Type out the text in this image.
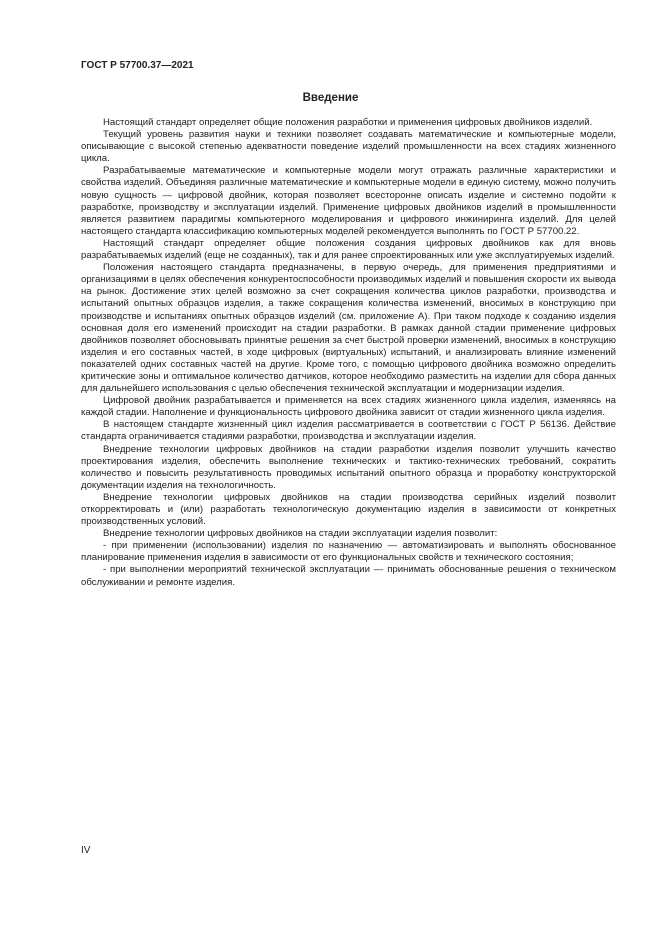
ГОСТ Р 57700.37—2021
Введение

Настоящий стандарт определяет общие положения разработки и применения цифровых двойников изделий.

Текущий уровень развития науки и техники позволяет создавать математические и компьютерные модели, описывающие с высокой степенью адекватности поведение изделий промышленности на всех стадиях жизненного цикла.

Разрабатываемые математические и компьютерные модели могут отражать различные характеристики и свойства изделий. Объединяя различные математические и компьютерные модели в единую систему, можно получить новую сущность — цифровой двойник, которая позволяет всесторонне описать изделие и системно подойти к разработке, производству и эксплуатации изделий. Применение цифровых двойников изделий в промышленности является развитием парадигмы компьютерного моделирования и цифрового инжиниринга изделий. Для целей настоящего стандарта классификацию компьютерных моделей рекомендуется выполнять по ГОСТ Р 57700.22.

Настоящий стандарт определяет общие положения создания цифровых двойников как для вновь разрабатываемых изделий (еще не созданных), так и для ранее спроектированных или уже эксплуатируемых изделий.

Положения настоящего стандарта предназначены, в первую очередь, для применения предприятиями и организациями в целях обеспечения конкурентоспособности производимых изделий и повышения скорости их вывода на рынок. Достижение этих целей возможно за счет сокращения количества циклов разработки, производства и испытаний опытных образцов изделия, а также сокращения количества изменений, вносимых в конструкцию при производстве и испытаниях опытных образцов изделий (см. приложение А). При таком подходе к созданию изделия основная доля его изменений происходит на стадии разработки. В рамках данной стадии применение цифровых двойников позволяет обосновывать принятые решения за счет быстрой проверки изменений, вносимых в конструкцию изделия и его составных частей, в ходе цифровых (виртуальных) испытаний, и анализировать влияние изменений показателей одних составных частей на другие. Кроме того, с помощью цифрового двойника возможно определить критические зоны и оптимальное количество датчиков, которое необходимо разместить на изделии для сбора данных для дальнейшего использования с целью обеспечения технической эксплуатации и модернизации изделия.

Цифровой двойник разрабатывается и применяется на всех стадиях жизненного цикла изделия, изменяясь на каждой стадии. Наполнение и функциональность цифрового двойника зависит от стадии жизненного цикла изделия.

В настоящем стандарте жизненный цикл изделия рассматривается в соответствии с ГОСТ Р 56136. Действие стандарта ограничивается стадиями разработки, производства и эксплуатации изделия.

Внедрение технологии цифровых двойников на стадии разработки изделия позволит улучшить качество проектирования изделия, обеспечить выполнение технических и тактико-технических требований, сократить количество и повысить результативность проводимых испытаний опытного образца и проработку конструкторской документации изделия на технологичность.

Внедрение технологии цифровых двойников на стадии производства серийных изделий позволит откорректировать и (или) разработать технологическую документацию изделия в зависимости от конкретных производственных условий.

Внедрение технологии цифровых двойников на стадии эксплуатации изделия позволит:

- при применении (использовании) изделия по назначению — автоматизировать и выполнять обоснованное планирование применения изделия в зависимости от его функциональных свойств и технического состояния;

- при выполнении мероприятий технической эксплуатации — принимать обоснованные решения о техническом обслуживании и ремонте изделия.

IV
